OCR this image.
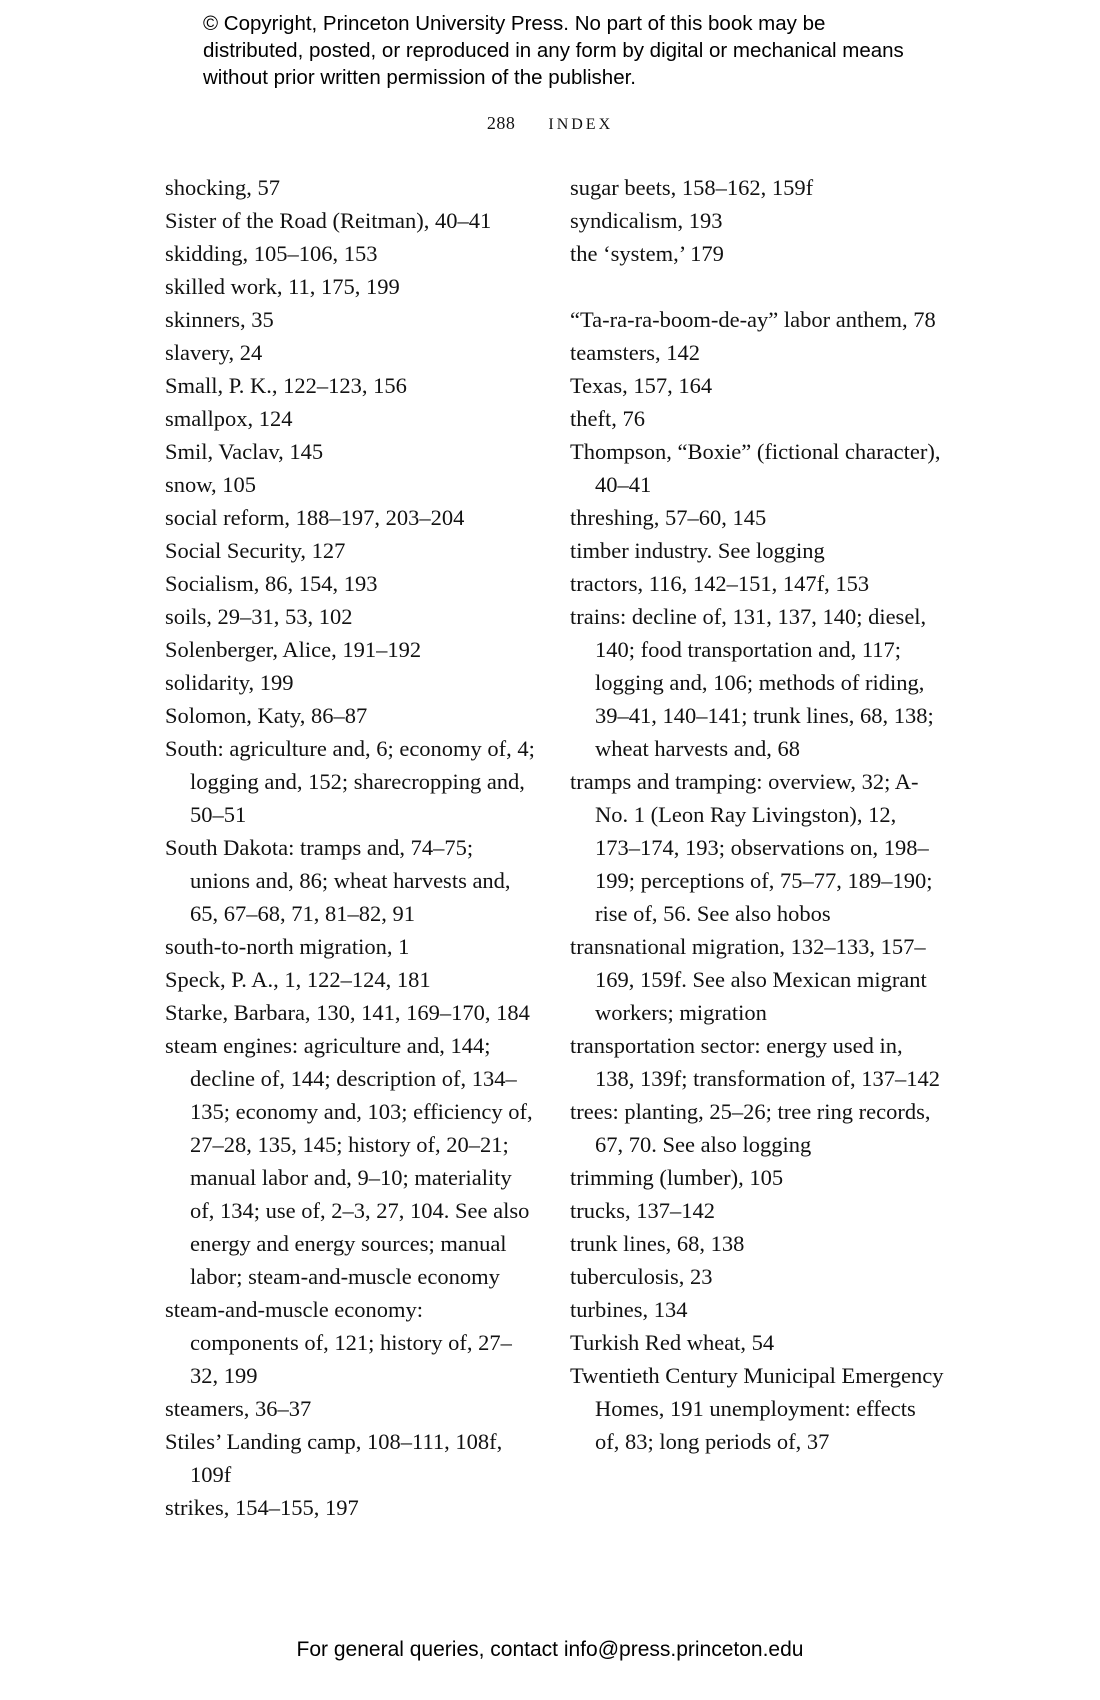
© Copyright, Princeton University Press. No part of this book may be distributed, posted, or reproduced in any form by digital or mechanical means without prior written permission of the publisher.
288 INDEX
shocking, 57
Sister of the Road (Reitman), 40–41
skidding, 105–106, 153
skilled work, 11, 175, 199
skinners, 35
slavery, 24
Small, P. K., 122–123, 156
smallpox, 124
Smil, Vaclav, 145
snow, 105
social reform, 188–197, 203–204
Social Security, 127
Socialism, 86, 154, 193
soils, 29–31, 53, 102
Solenberger, Alice, 191–192
solidarity, 199
Solomon, Katy, 86–87
South: agriculture and, 6; economy of, 4; logging and, 152; sharecropping and, 50–51
South Dakota: tramps and, 74–75; unions and, 86; wheat harvests and, 65, 67–68, 71, 81–82, 91
south-to-north migration, 1
Speck, P. A., 1, 122–124, 181
Starke, Barbara, 130, 141, 169–170, 184
steam engines: agriculture and, 144; decline of, 144; description of, 134–135; economy and, 103; efficiency of, 27–28, 135, 145; history of, 20–21; manual labor and, 9–10; materiality of, 134; use of, 2–3, 27, 104. See also energy and energy sources; manual labor; steam-and-muscle economy
steam-and-muscle economy: components of, 121; history of, 27–32, 199
steamers, 36–37
Stiles’ Landing camp, 108–111, 108f, 109f
strikes, 154–155, 197
sugar beets, 158–162, 159f
syndicalism, 193
the ‘system,’ 179
“Ta-ra-ra-boom-de-ay” labor anthem, 78
teamsters, 142
Texas, 157, 164
theft, 76
Thompson, “Boxie” (fictional character), 40–41
threshing, 57–60, 145
timber industry. See logging
tractors, 116, 142–151, 147f, 153
trains: decline of, 131, 137, 140; diesel, 140; food transportation and, 117; logging and, 106; methods of riding, 39–41, 140–141; trunk lines, 68, 138; wheat harvests and, 68
tramps and tramping: overview, 32; A-No. 1 (Leon Ray Livingston), 12, 173–174, 193; observations on, 198–199; perceptions of, 75–77, 189–190; rise of, 56. See also hobos
transnational migration, 132–133, 157–169, 159f. See also Mexican migrant workers; migration
transportation sector: energy used in, 138, 139f; transformation of, 137–142
trees: planting, 25–26; tree ring records, 67, 70. See also logging
trimming (lumber), 105
trucks, 137–142
trunk lines, 68, 138
tuberculosis, 23
turbines, 134
Turkish Red wheat, 54
Twentieth Century Municipal Emergency Homes, 191 unemployment: effects of, 83; long periods of, 37
For general queries, contact info@press.princeton.edu
